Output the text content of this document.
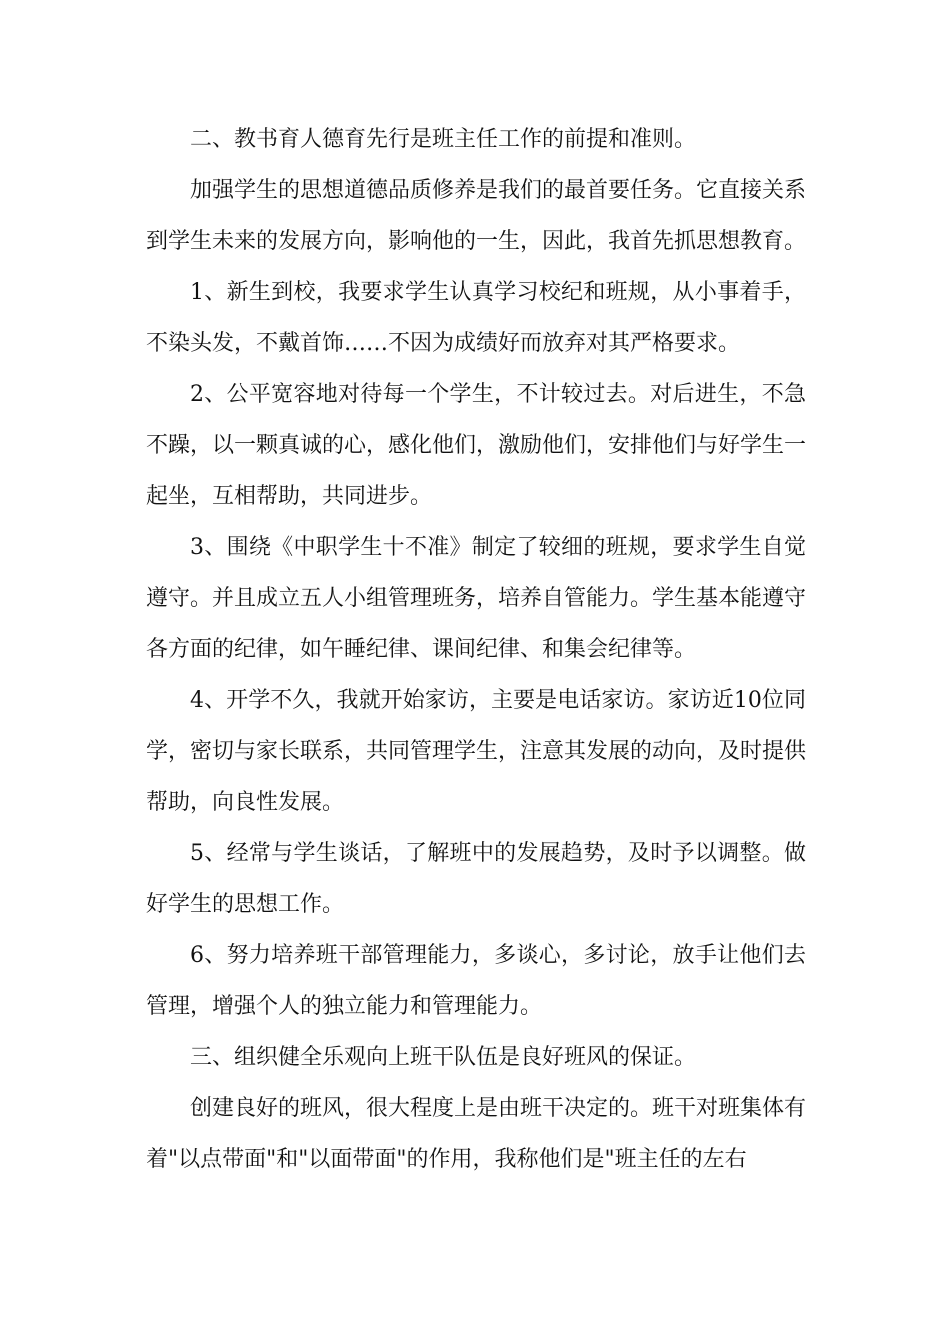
二、教书育人德育先行是班主任工作的前提和准则。

加强学生的思想道德品质修养是我们的最首要任务。它直接关系到学生未来的发展方向，影响他的一生，因此，我首先抓思想教育。

1、新生到校，我要求学生认真学习校纪和班规，从小事着手，不染头发，不戴首饰……不因为成绩好而放弃对其严格要求。

2、公平宽容地对待每一个学生，不计较过去。对后进生，不急不躁，以一颗真诚的心，感化他们，激励他们，安排他们与好学生一起坐，互相帮助，共同进步。

3、围绕《中职学生十不准》制定了较细的班规，要求学生自觉遵守。并且成立五人小组管理班务，培养自管能力。学生基本能遵守各方面的纪律，如午睡纪律、课间纪律、和集会纪律等。

4、开学不久，我就开始家访，主要是电话家访。家访近10位同学，密切与家长联系，共同管理学生，注意其发展的动向，及时提供帮助，向良性发展。

5、经常与学生谈话，了解班中的发展趋势，及时予以调整。做好学生的思想工作。

6、努力培养班干部管理能力，多谈心，多讨论，放手让他们去管理，增强个人的独立能力和管理能力。

三、组织健全乐观向上班干队伍是良好班风的保证。

创建良好的班风，很大程度上是由班干决定的。班干对班集体有着"以点带面"和"以面带面"的作用，我称他们是"班主任的左右
